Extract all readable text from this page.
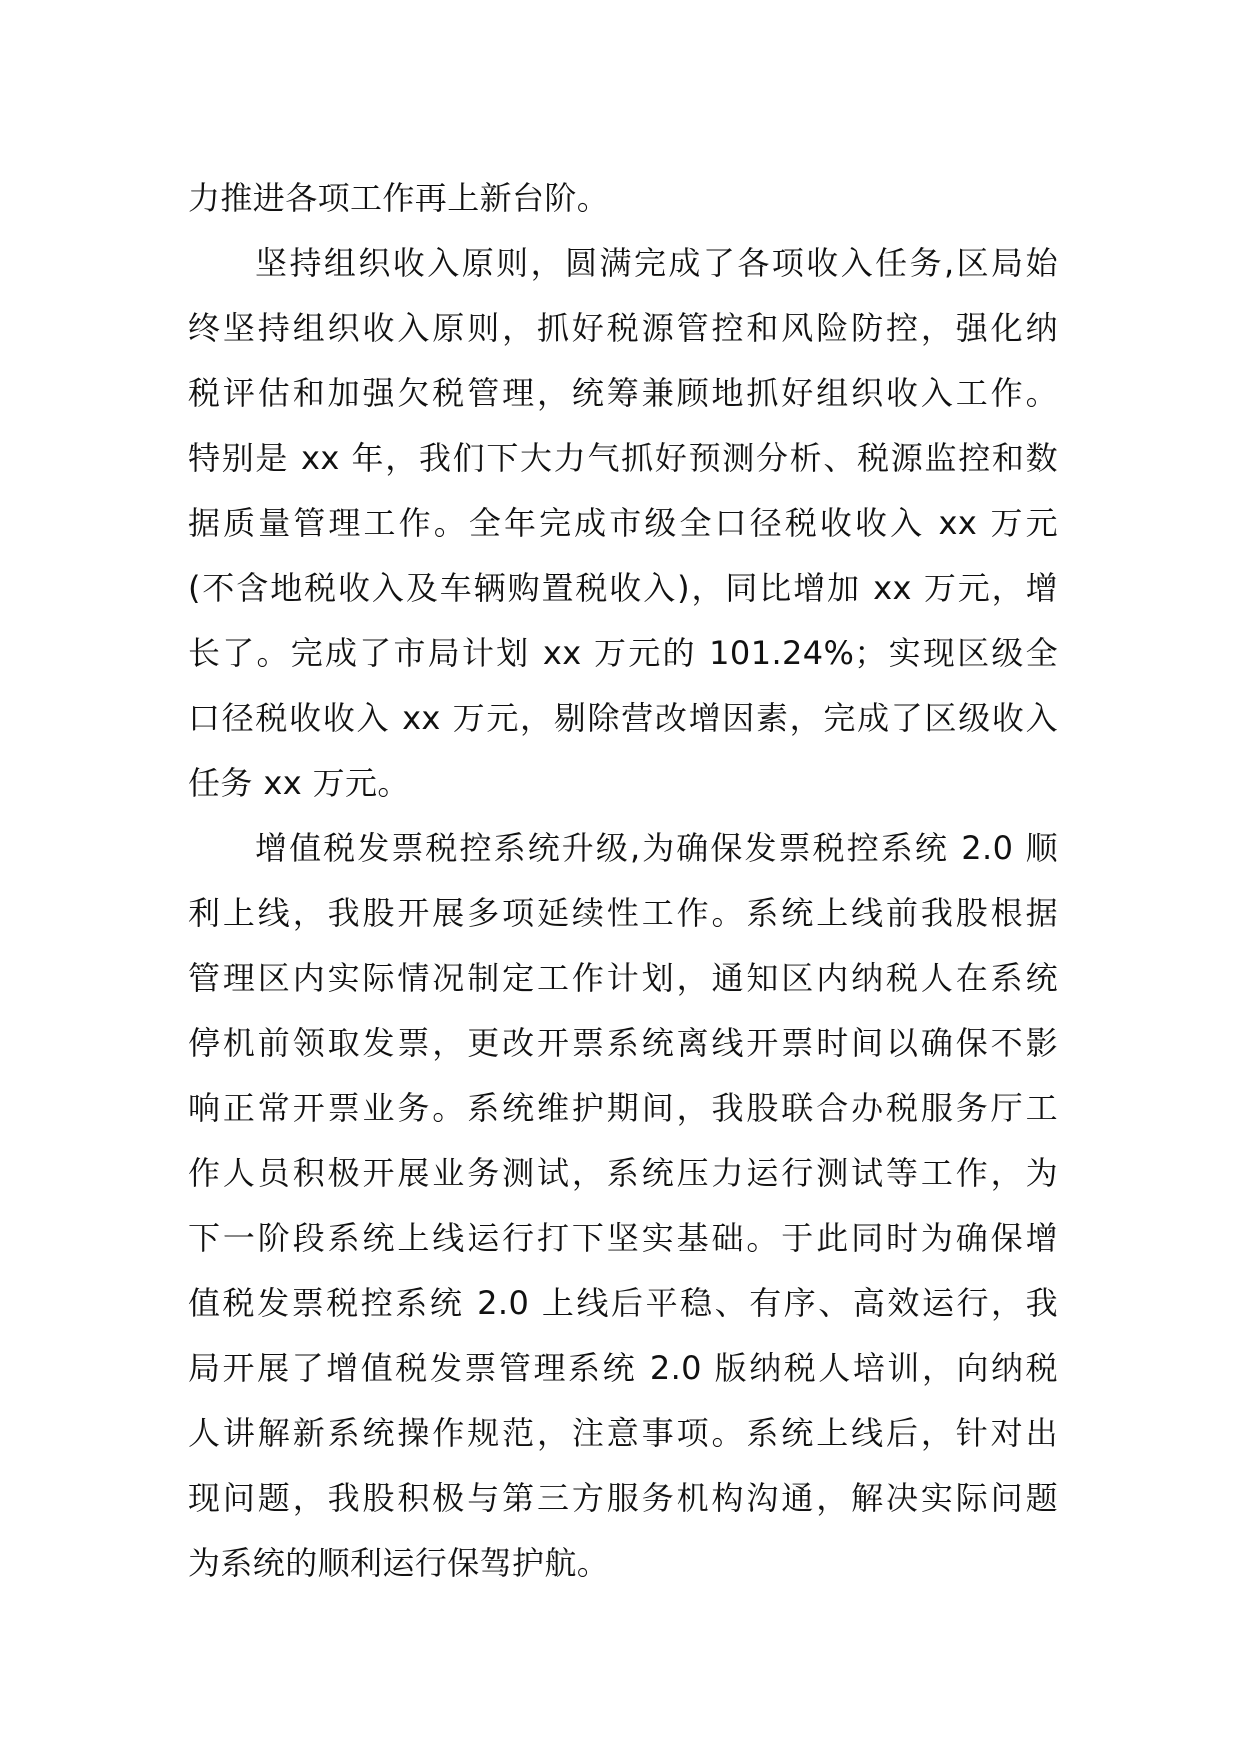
力推进各项工作再上新台阶。
坚持组织收入原则，圆满完成了各项收入任务,区局始
终坚持组织收入原则，抓好税源管控和风险防控，强化纳
税评估和加强欠税管理，统筹兼顾地抓好组织收入工作。
特别是 xx 年，我们下大力气抓好预测分析、税源监控和数
据质量管理工作。全年完成市级全口径税收收入 xx 万元
(不含地税收入及车辆购置税收入)，同比增加 xx 万元，增
长了。完成了市局计划 xx 万元的 101.24%；实现区级全
口径税收收入 xx 万元，剔除营改增因素，完成了区级收入
任务 xx 万元。
增值税发票税控系统升级,为确保发票税控系统 2.0 顺
利上线，我股开展多项延续性工作。系统上线前我股根据
管理区内实际情况制定工作计划，通知区内纳税人在系统
停机前领取发票，更改开票系统离线开票时间以确保不影
响正常开票业务。系统维护期间，我股联合办税服务厅工
作人员积极开展业务测试，系统压力运行测试等工作，为
下一阶段系统上线运行打下坚实基础。于此同时为确保增
值税发票税控系统 2.0 上线后平稳、有序、高效运行，我
局开展了增值税发票管理系统 2.0 版纳税人培训，向纳税
人讲解新系统操作规范，注意事项。系统上线后，针对出
现问题，我股积极与第三方服务机构沟通，解决实际问题
为系统的顺利运行保驾护航。
